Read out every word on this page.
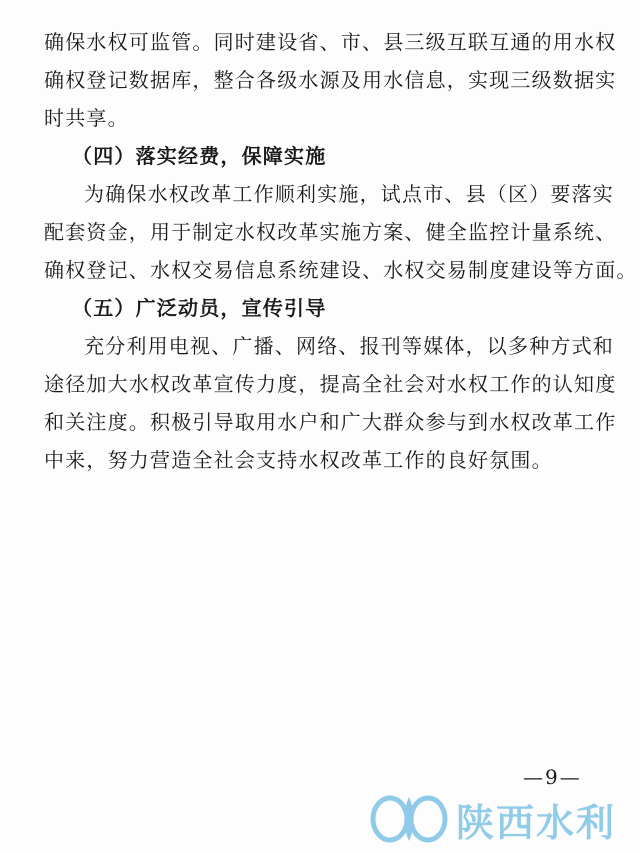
确保水权可监管。同时建设省、市、县三级互联互通的用水权
确权登记数据库，整合各级水源及用水信息，实现三级数据实
时共享。
（四）落实经费，保障实施
为确保水权改革工作顺利实施，试点市、县（区）要落实
配套资金，用于制定水权改革实施方案、健全监控计量系统、
确权登记、水权交易信息系统建设、水权交易制度建设等方面。
（五）广泛动员，宣传引导
充分利用电视、广播、网络、报刊等媒体，以多种方式和
途径加大水权改革宣传力度，提高全社会对水权工作的认知度
和关注度。积极引导取用水户和广大群众参与到水权改革工作
中来，努力营造全社会支持水权改革工作的良好氛围。
—9—
陕西水利
